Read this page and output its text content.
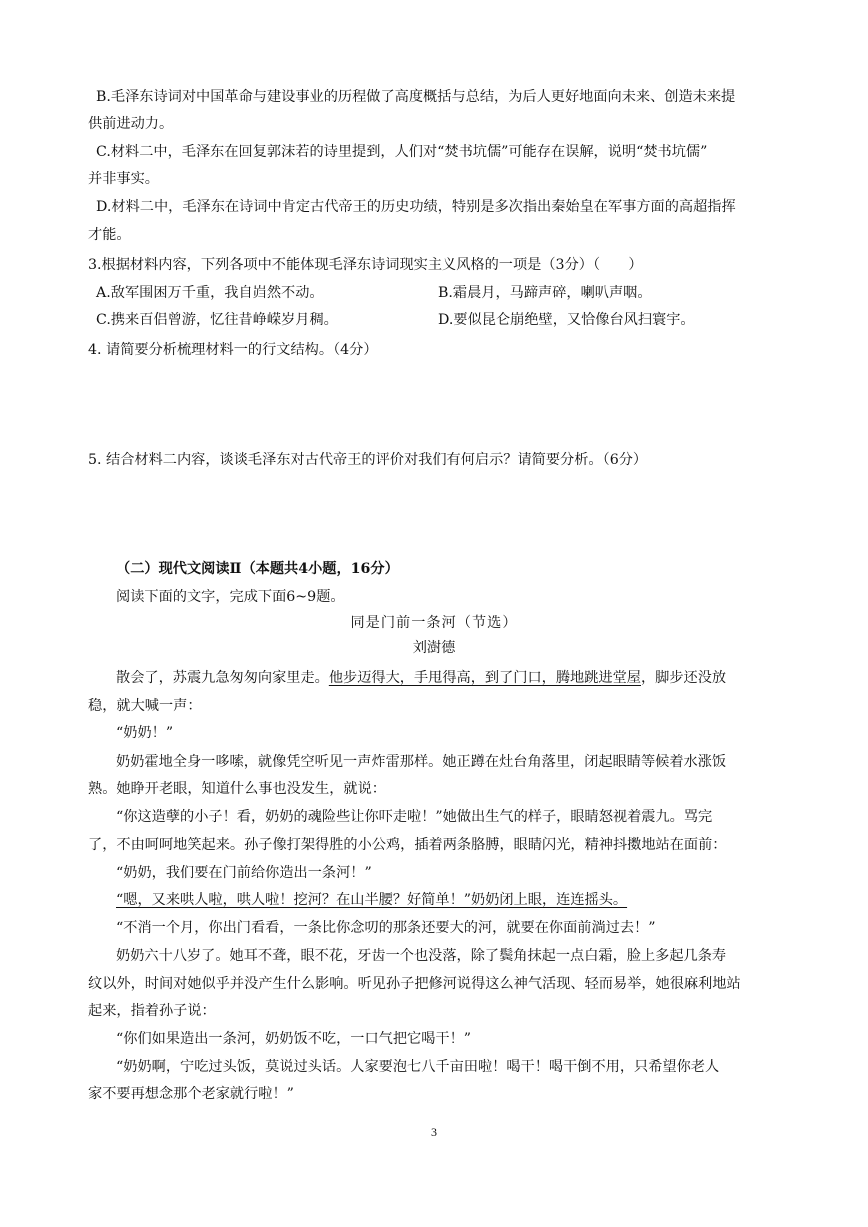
B.毛泽东诗词对中国革命与建设事业的历程做了高度概括与总结，为后人更好地面向未来、创造未来提
供前进动力。
C.材料二中，毛泽东在回复郭沫若的诗里提到，人们对“焚书坑儒”可能存在误解，说明“焚书坑儒”
并非事实。
D.材料二中，毛泽东在诗词中肯定古代帝王的历史功绩，特别是多次指出秦始皇在军事方面的高超指挥
才能。
3.根据材料内容，下列各项中不能体现毛泽东诗词现实主义风格的一项是（3分）（　　）
A.敌军围困万千重，我自岿然不动。	B.霜晨月，马蹄声碎，喇叭声咽。
C.携来百侣曾游，忆往昔峥嵘岁月稠。	D.要似昆仑崩绝壁，又恰像台风扫寰宇。
4. 请简要分析梳理材料一的行文结构。（4分）
5. 结合材料二内容，谈谈毛泽东对古代帝王的评价对我们有何启示？请简要分析。（6分）
（二）现代文阅读Ⅱ（本题共4小题，16分）
阅读下面的文字，完成下面6~9题。
同是门前一条河（节选）
刘澍德
散会了，苏震九急匆匆向家里走。他步迈得大，手甩得高，到了门口，腾地跳进堂屋，脚步还没放
稳，就大喊一声：
“奶奶！”
奶奶霍地全身一哆嗦，就像凭空听见一声炸雷那样。她正蹲在灶台角落里，闭起眼睛等候着水涨饭
熟。她睁开老眼，知道什么事也没发生，就说：
“你这造孽的小子！看，奶奶的魂险些让你吓走啦！”她做出生气的样子，眼睛怒视着震九。骂完
了，不由呵呵地笑起来。孙子像打架得胜的小公鸡，插着两条胳膊，眼睛闪光，精神抖擞地站在面前：
“奶奶，我们要在门前给你造出一条河！”
“嗯，又来哄人啦，哄人啦！挖河？在山半腰？好简单！”奶奶闭上眼，连连摇头。
“不消一个月，你出门看看，一条比你念叨的那条还要大的河，就要在你面前淌过去！”
奶奶六十八岁了。她耳不聋，眼不花，牙齿一个也没落，除了鬓角抹起一点白霜，脸上多起几条寿
纹以外，时间对她似乎并没产生什么影响。听见孙子把修河说得这么神气活现、轻而易举，她很麻利地站
起来，指着孙子说：
“你们如果造出一条河，奶奶饭不吃，一口气把它喝干！”
“奶奶啊，宁吃过头饭，莫说过头话。人家要泡七八千亩田啦！喝干！喝干倒不用，只希望你老人
家不要再想念那个老家就行啦！”
3
